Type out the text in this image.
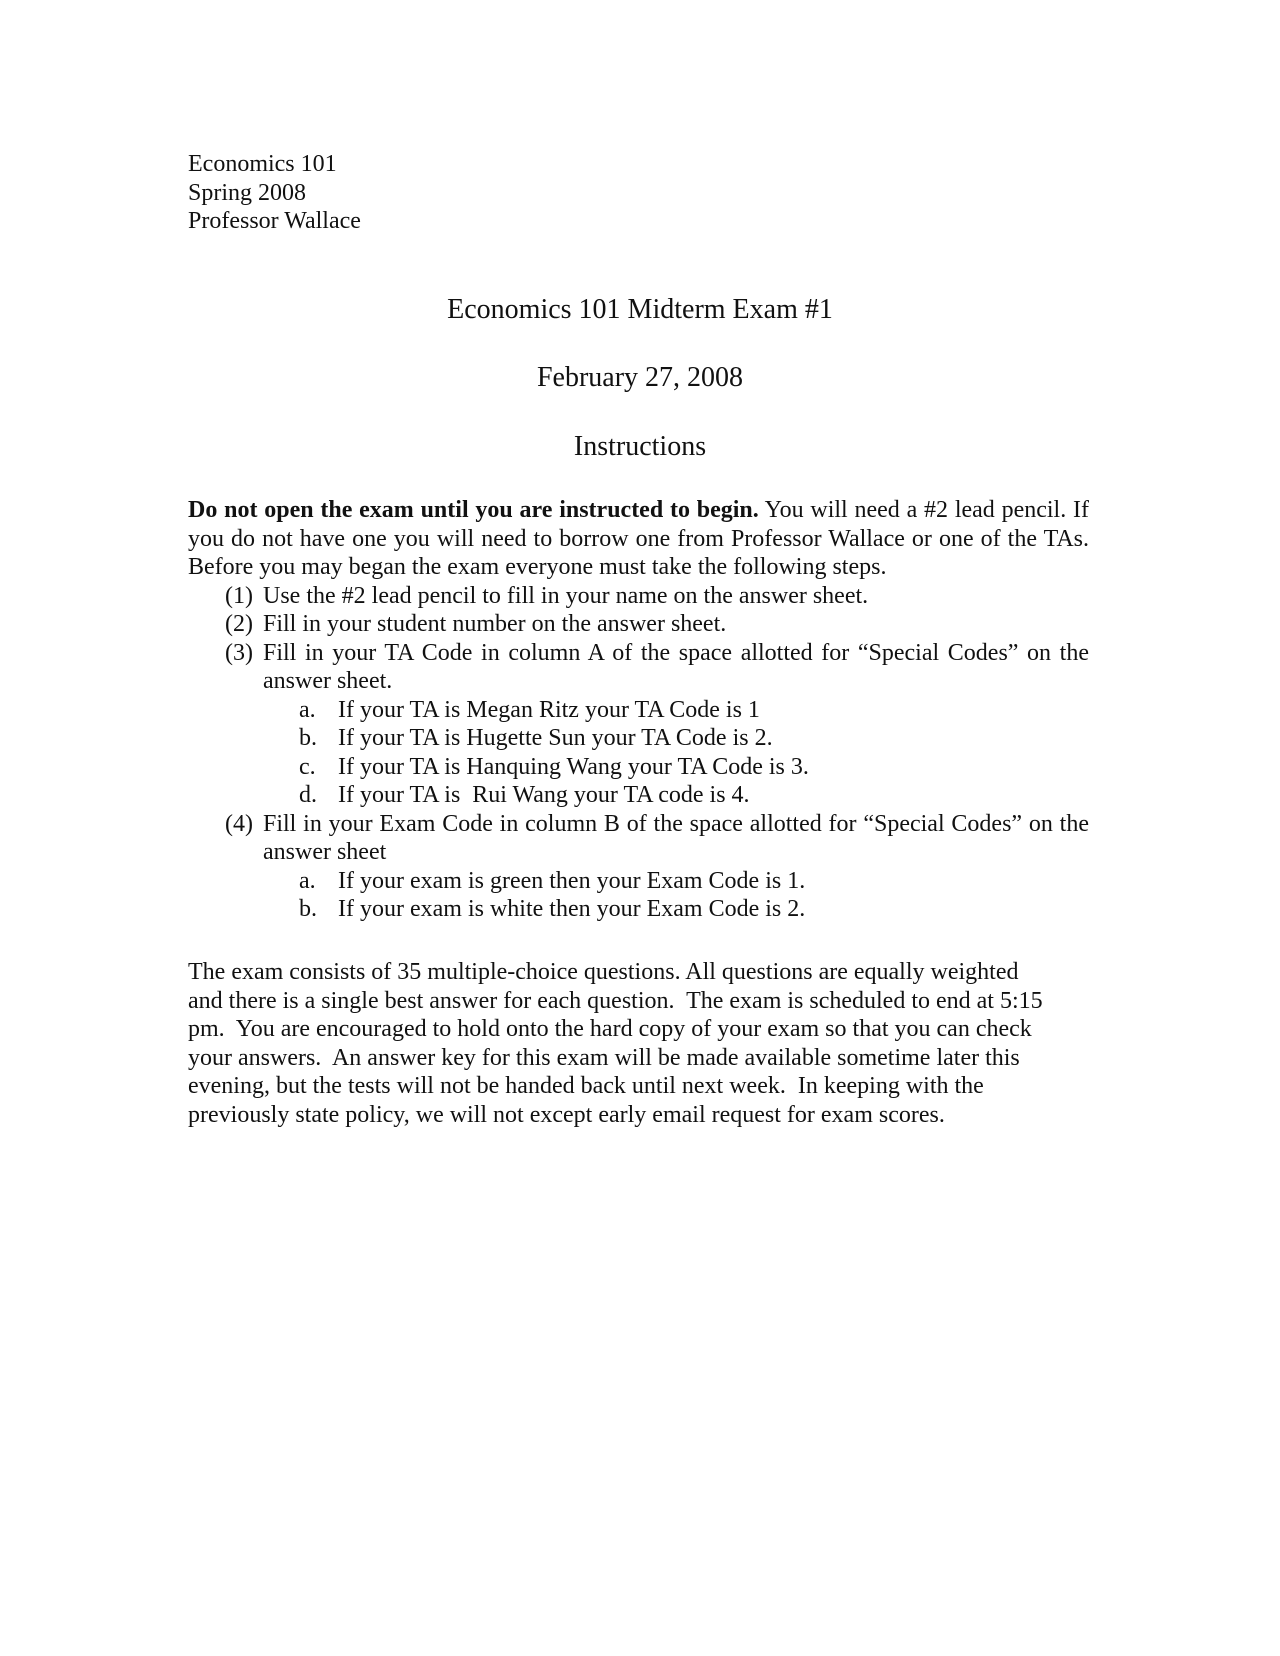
Economics 101
Spring 2008
Professor Wallace
Economics 101 Midterm Exam #1
February 27, 2008
Instructions

Do not open the exam until you are instructed to begin. You will need a #2 lead pencil. If you do not have one you will need to borrow one from Professor Wallace or one of the TAs. Before you may began the exam everyone must take the following steps.

(1) Use the #2 lead pencil to fill in your name on the answer sheet.
(2) Fill in your student number on the answer sheet.
(3) Fill in your TA Code in column A of the space allotted for “Special Codes” on the answer sheet.
a. If your TA is Megan Ritz your TA Code is 1
b. If your TA is Hugette Sun your TA Code is 2.
c. If your TA is Hanquing Wang your TA Code is 3.
d. If your TA is  Rui Wang your TA code is 4.
(4) Fill in your Exam Code in column B of the space allotted for “Special Codes” on the answer sheet
a. If your exam is green then your Exam Code is 1.
b. If your exam is white then your Exam Code is 2.
The exam consists of 35 multiple-choice questions. All questions are equally weighted
and there is a single best answer for each question.  The exam is scheduled to end at 5:15
pm.  You are encouraged to hold onto the hard copy of your exam so that you can check
your answers.  An answer key for this exam will be made available sometime later this
evening, but the tests will not be handed back until next week.  In keeping with the
previously state policy, we will not except early email request for exam scores.
